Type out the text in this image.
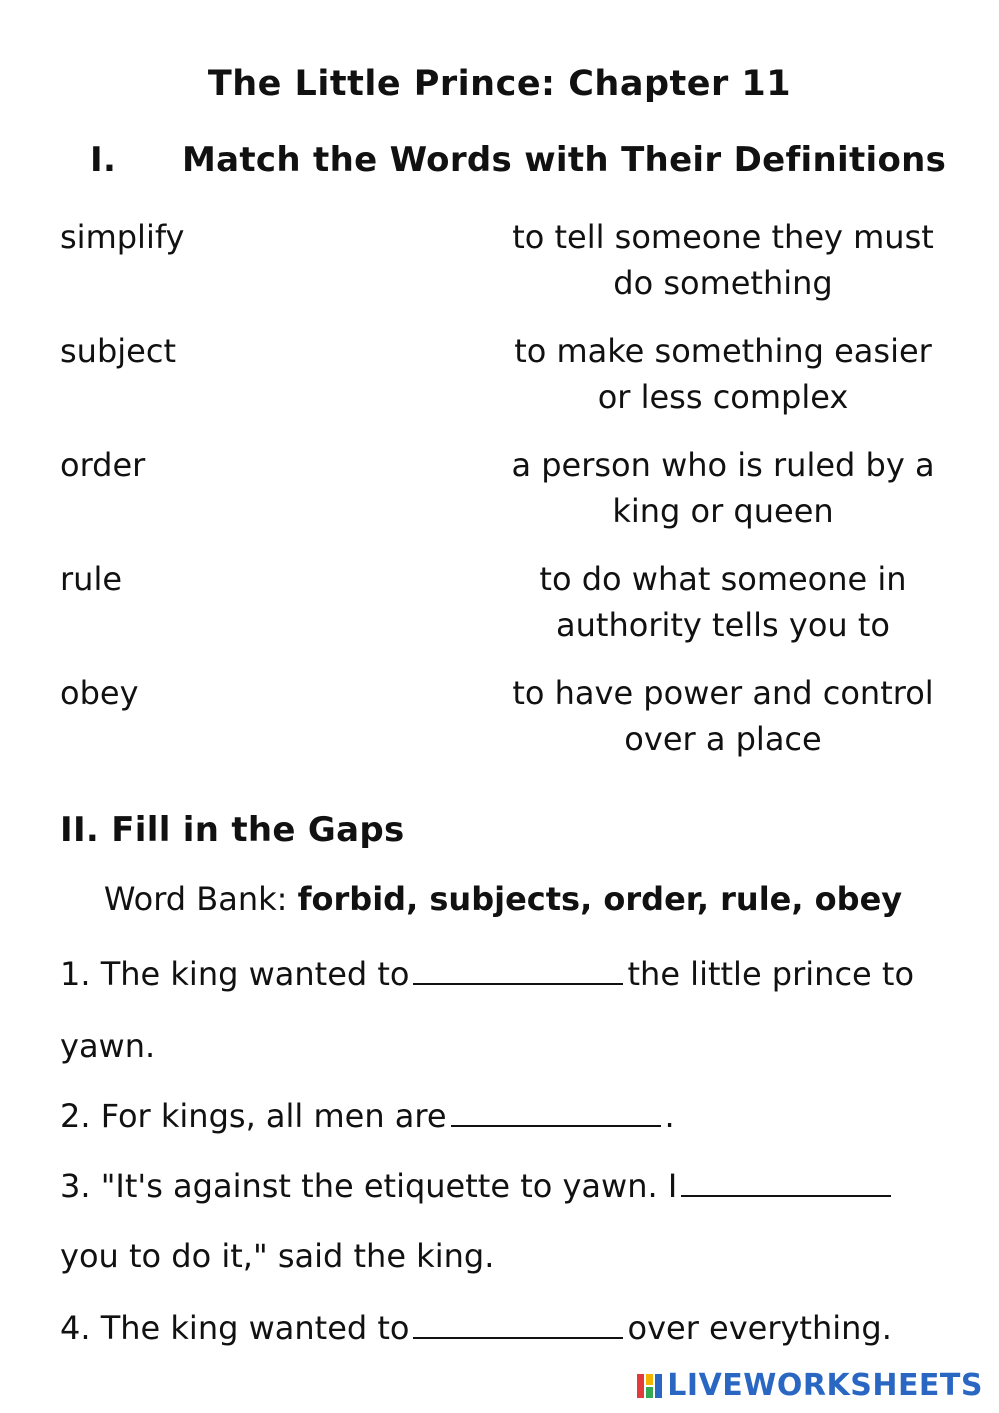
The Little Prince: Chapter 11
I. Match the Words with Their Definitions
simplify	to tell someone they must do something
subject	to make something easier or less complex
order	a person who is ruled by a king or queen
rule	to do what someone in authority tells you to
obey	to have power and control over a place
II. Fill in the Gaps
Word Bank: forbid, subjects, order, rule, obey
1. The king wanted to	the little prince to
yawn.
2. For kings, all men are	.
3. "It's against the etiquette to yawn. I
you to do it," said the king.
4. The king wanted to	over everything.
LIVEWORKSHEETS
